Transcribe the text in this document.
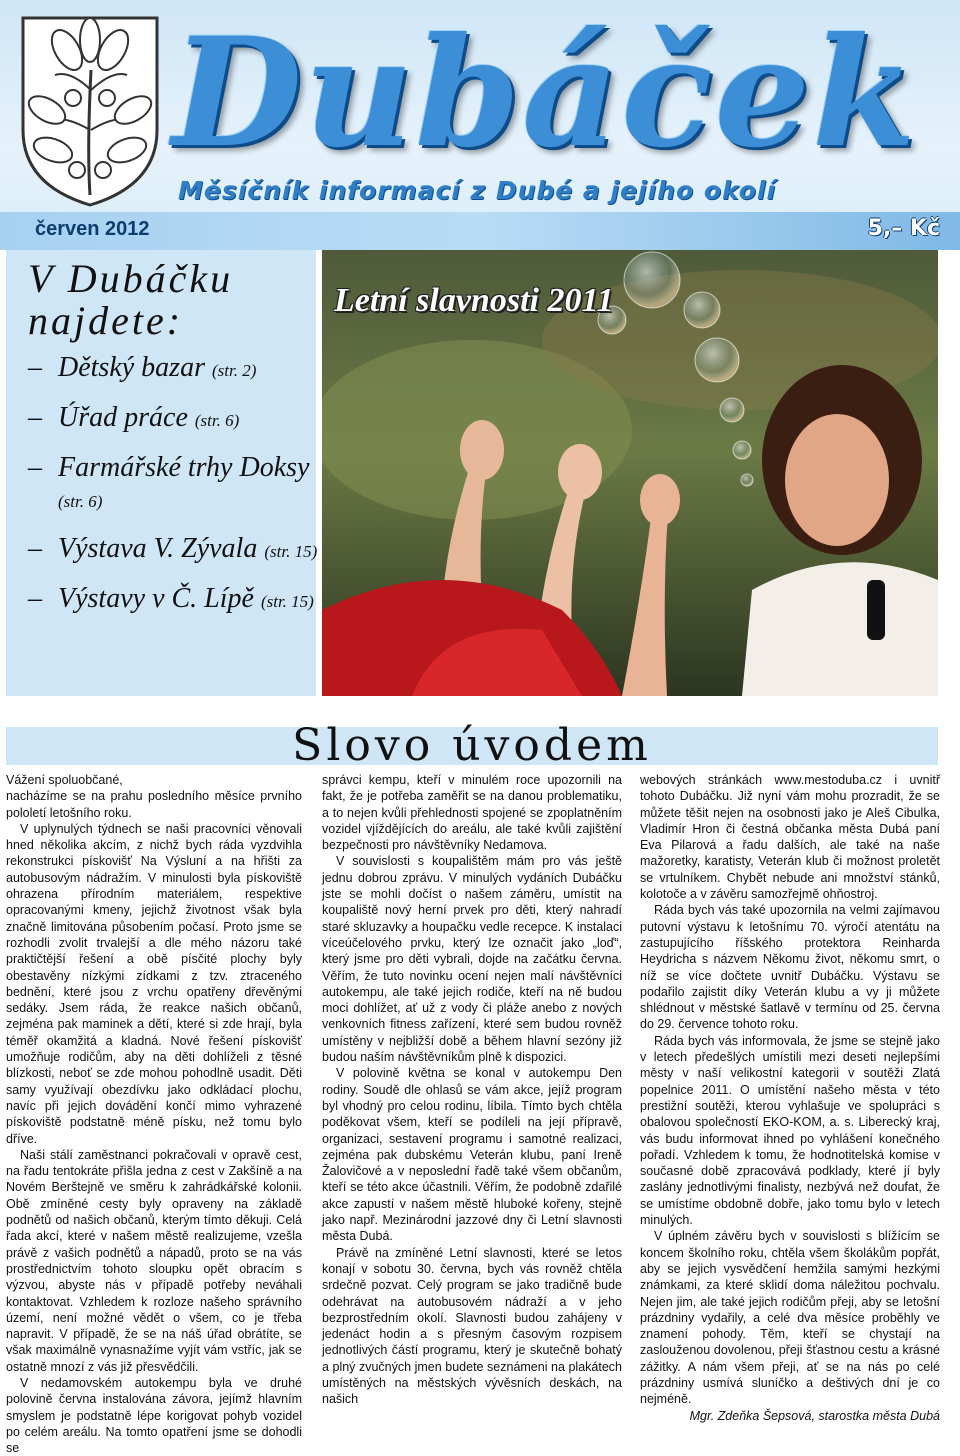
Dubáček
Měsíčník informací z Dubé a jejího okolí
červen 2012	5,– Kč
V Dubáčku
najdete:
– Dětský bazar (str. 2)
– Úřad práce (str. 6)
– Farmářské trhy Doksy (str. 6)
– Výstava V. Zývala (str. 15)
– Výstavy v Č. Lípě (str. 15)
Letní slavnosti 2011
Slovo úvodem

Vážení spoluobčané,

nacházíme se na prahu posledního měsíce prvního pololetí letošního roku.

V uplynulých týdnech se naši pracovníci věnovali hned několika akcím, z nichž bych ráda vyzdvihla rekonstrukci pískovišť Na Výsluní a na hřišti za autobusovým nádražím. V minulosti byla pískoviště ohrazena přírodním materiálem, respektive opracovanými kmeny, jejichž životnost však byla značně limitována působením počasí. Proto jsme se rozhodli zvolit trvalejší a dle mého názoru také praktičtější řešení a obě písčité plochy byly obestavěny nízkými zídkami z tzv. ztraceného bednění, které jsou z vrchu opatřeny dřevěnými sedáky. Jsem ráda, že reakce našich občanů, zejména pak maminek a dětí, které si zde hrají, byla téměř okamžitá a kladná. Nové řešení pískovišť umožňuje rodičům, aby na děti dohlíželi z těsné blízkosti, neboť se zde mohou pohodlně usadit. Děti samy využívají obezdívku jako odkládací plochu, navíc při jejich dovádění končí mimo vyhrazené pískoviště podstatně méně písku, než tomu bylo dříve.

Naši stálí zaměstnanci pokračovali v opravě cest, na řadu tentokráte přišla jedna z cest v Zakšíně a na Novém Berštejně ve směru k zahrádkářské kolonii. Obě zmíněné cesty byly opraveny na základě podnětů od našich občanů, kterým tímto děkuji. Celá řada akcí, které v našem městě realizujeme, vzešla právě z vašich podnětů a nápadů, proto se na vás prostřednictvím tohoto sloupku opět obracím s výzvou, abyste nás v případě potřeby neváhali kontaktovat. Vzhledem k rozloze našeho správního území, není možné vědět o všem, co je třeba napravit. V případě, že se na náš úřad obrátíte, se však maximálně vynasnažíme vyjít vám vstříc, jak se ostatně mnozí z vás již přesvědčili.

V nedamovském autokempu byla ve druhé polovině června instalována závora, jejímž hlavním smyslem je podstatně lépe korigovat pohyb vozidel po celém areálu. Na tomto opatření jsme se dohodli se

správci kempu, kteří v minulém roce upozornili na fakt, že je potřeba zaměřit se na danou problematiku, a to nejen kvůli přehlednosti spojené se zpoplatněním vozidel vjíždějících do areálu, ale také kvůli zajištění bezpečnosti pro návštěvníky Nedamova.

V souvislosti s koupalištěm mám pro vás ještě jednu dobrou zprávu. V minulých vydáních Dubáčku jste se mohli dočíst o našem záměru, umístit na koupaliště nový herní prvek pro děti, který nahradí staré skluzavky a houpačku vedle recepce. K instalaci víceúčelového prvku, který lze označit jako „loď“, který jsme pro děti vybrali, dojde na začátku června. Věřím, že tuto novinku ocení nejen malí návštěvníci autokempu, ale také jejich rodiče, kteří na ně budou moci dohlížet, ať už z vody či pláže anebo z nových venkovních fitness zařízení, které sem budou rovněž umístěny v nejbližší době a během hlavní sezóny již budou naším návštěvníkům plně k dispozici.

V polovině května se konal v autokempu Den rodiny. Soudě dle ohlasů se vám akce, jejíž program byl vhodný pro celou rodinu, líbila. Tímto bych chtěla poděkovat všem, kteří se podíleli na její přípravě, organizaci, sestavení programu i samotné realizaci, zejména pak dubskému Veterán klubu, paní Ireně Žalovičové a v neposlední řadě také všem občanům, kteří se této akce účastnili. Věřím, že podobně zdařilé akce zapustí v našem městě hluboké kořeny, stejně jako např. Mezinárodní jazzové dny či Letní slavnosti města Dubá.

Právě na zmíněné Letní slavnosti, které se letos konají v sobotu 30. června, bych vás rovněž chtěla srdečně pozvat. Celý program se jako tradičně bude odehrávat na autobusovém nádraží a v jeho bezprostředním okolí. Slavnosti budou zahájeny v jedenáct hodin a s přesným časovým rozpisem jednotlivých částí programu, který je skutečně bohatý a plný zvučných jmen budete seznámeni na plakátech umístěných na městských vývěsních deskách, na našich

webových stránkách www.mestoduba.cz i uvnitř tohoto Dubáčku. Již nyní vám mohu prozradit, že se můžete těšit nejen na osobnosti jako je Aleš Cibulka, Vladimír Hron či čestná občanka města Dubá paní Eva Pilarová a řadu dalších, ale také na naše mažoretky, karatisty, Veterán klub či možnost proletět se vrtulníkem. Chybět nebude ani množství stánků, kolotoče a v závěru samozřejmě ohňostroj.

Ráda bych vás také upozornila na velmi zajímavou putovní výstavu k letošnímu 70. výročí atentátu na zastupujícího říšského protektora Reinharda Heydricha s názvem Někomu život, někomu smrt, o níž se více dočtete uvnitř Dubáčku. Výstavu se podařilo zajistit díky Veterán klubu a vy ji můžete shlédnout v městské šatlavě v termínu od 25. června do 29. července tohoto roku.

Ráda bych vás informovala, že jsme se stejně jako v letech předešlých umístili mezi deseti nejlepšími městy v naší velikostní kategorii v soutěži Zlatá popelnice 2011. O umístění našeho města v této prestižní soutěži, kterou vyhlašuje ve spolupráci s obalovou společností EKO-KOM, a. s. Liberecký kraj, vás budu informovat ihned po vyhlášení konečného pořadí. Vzhledem k tomu, že hodnotitelská komise v současné době zpracovává podklady, které jí byly zaslány jednotlivými finalisty, nezbývá než doufat, že se umístíme obdobně dobře, jako tomu bylo v letech minulých.

V úplném závěru bych v souvislosti s blížícím se koncem školního roku, chtěla všem školákům popřát, aby se jejich vysvědčení hemžila samými hezkými známkami, za které sklidí doma náležitou pochvalu. Nejen jim, ale také jejich rodičům přeji, aby se letošní prázdniny vydařily, a celé dva měsíce proběhly ve znamení pohody. Těm, kteří se chystají na zaslouženou dovolenou, přeji šťastnou cestu a krásné zážitky. A nám všem přeji, ať se na nás po celé prázdniny usmívá sluníčko a deštivých dní je co nejméně.

Mgr. Zdeňka Šepsová, starostka města Dubá
